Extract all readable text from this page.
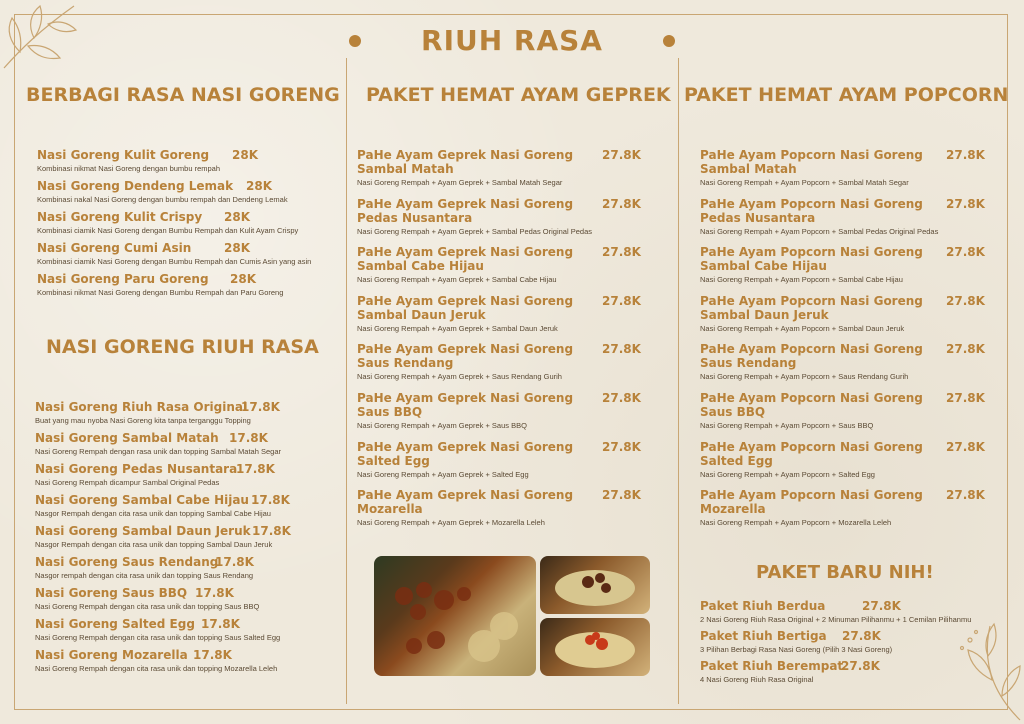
RIUH RASA
BERBAGI RASA NASI GORENG
Nasi Goreng Kulit Goreng	28K
Kombinasi nikmat Nasi Goreng dengan bumbu rempah
Nasi Goreng Dendeng Lemak	28K
Kombinasi nakal Nasi Goreng dengan bumbu rempah dan Dendeng Lemak
Nasi Goreng Kulit Crispy	28K
Kombinasi ciamik Nasi Goreng dengan Bumbu Rempah dan Kulit Ayam Crispy
Nasi Goreng Cumi Asin	28K
Kombinasi ciamik Nasi Goreng dengan Bumbu Rempah dan Cumis Asin yang asin
Nasi Goreng Paru Goreng	28K
Kombinasi nikmat Nasi Goreng dengan Bumbu Rempah dan Paru Goreng
NASI GORENG RIUH RASA
Nasi Goreng Riuh Rasa Original
17.8K
Buat yang mau nyoba Nasi Goreng kita tanpa terganggu Topping
Nasi Goreng Sambal Matah 17.8K
Nasi Goreng Rempah dengan rasa unik dan topping Sambal Matah Segar
Nasi Goreng Pedas Nusantara
17.8K
Nasi Goreng Rempah dicampur Sambal Original Pedas
Nasi Goreng Sambal Cabe Hijau 17.8K
Nasgor Rempah dengan cita rasa unik dan topping Sambal Cabe Hijau
Nasi Goreng Sambal Daun Jeruk 17.8K
Nasgor Rempah dengan cita rasa unik dan topping Sambal Daun Jeruk
Nasi Goreng Saus Rendang
17.8K
Nasgor rempah dengan cita rasa unik dan topping Saus Rendang
Nasi Goreng Saus BBQ 17.8K
Nasi Goreng Rempah dengan cita rasa unik dan topping Saus BBQ
Nasi Goreng Salted Egg 17.8K
Nasi Goreng Rempah dengan cita rasa unik dan topping Saus Salted Egg
Nasi Goreng Mozarella 17.8K
Nasi Goreng Rempah dengan cita rasa unik dan topping Mozarella Leleh
PAKET HEMAT AYAM GEPREK
PaHe Ayam Geprek Nasi Goreng
Sambal Matah
27.8K
Nasi Goreng Rempah + Ayam Geprek + Sambal Matah Segar
PaHe Ayam Geprek Nasi Goreng
Pedas Nusantara
27.8K
Nasi Goreng Rempah + Ayam Geprek + Sambal Pedas Original Pedas
PaHe Ayam Geprek Nasi Goreng
Sambal Cabe Hijau
27.8K
Nasi Goreng Rempah + Ayam Geprek + Sambal Cabe Hijau
PaHe Ayam Geprek Nasi Goreng
Sambal Daun Jeruk
27.8K
Nasi Goreng Rempah + Ayam Geprek + Sambal Daun Jeruk
PaHe Ayam Geprek Nasi Goreng
Saus Rendang
27.8K
Nasi Goreng Rempah + Ayam Geprek + Saus Rendang Gurih
PaHe Ayam Geprek Nasi Goreng
Saus BBQ
27.8K
Nasi Goreng Rempah + Ayam Geprek + Saus BBQ
PaHe Ayam Geprek Nasi Goreng
Salted Egg
27.8K
Nasi Goreng Rempah + Ayam Geprek + Salted Egg
PaHe Ayam Geprek Nasi Goreng
Mozarella
27.8K
Nasi Goreng Rempah + Ayam Geprek + Mozarella Leleh
PAKET HEMAT AYAM POPCORN
PaHe Ayam Popcorn Nasi Goreng
Sambal Matah
27.8K
Nasi Goreng Rempah + Ayam Popcorn + Sambal Matah Segar
PaHe Ayam Popcorn Nasi Goreng
Pedas Nusantara
27.8K
Nasi Goreng Rempah + Ayam Popcorn + Sambal Pedas Original Pedas
PaHe Ayam Popcorn Nasi Goreng
Sambal Cabe Hijau
27.8K
Nasi Goreng Rempah + Ayam Popcorn + Sambal Cabe Hijau
PaHe Ayam Popcorn Nasi Goreng
Sambal Daun Jeruk
27.8K
Nasi Goreng Rempah + Ayam Popcorn + Sambal Daun Jeruk
PaHe Ayam Popcorn Nasi Goreng
Saus Rendang
27.8K
Nasi Goreng Rempah + Ayam Popcorn + Saus Rendang Gurih
PaHe Ayam Popcorn Nasi Goreng
Saus BBQ
27.8K
Nasi Goreng Rempah + Ayam Popcorn + Saus BBQ
PaHe Ayam Popcorn Nasi Goreng
Salted Egg
27.8K
Nasi Goreng Rempah + Ayam Popcorn + Salted Egg
PaHe Ayam Popcorn Nasi Goreng
Mozarella
27.8K
Nasi Goreng Rempah + Ayam Popcorn + Mozarella Leleh
PAKET BARU NIH!
Paket Riuh Berdua	27.8K
2 Nasi Goreng Riuh Rasa Original + 2 Minuman Pilihanmu + 1 Cemilan Pilihanmu
Paket Riuh Bertiga	27.8K
3 Pilihan Berbagi Rasa Nasi Goreng (Pilih 3 Nasi Goreng)
Paket Riuh Berempat
27.8K
4 Nasi Goreng Riuh Rasa Original
